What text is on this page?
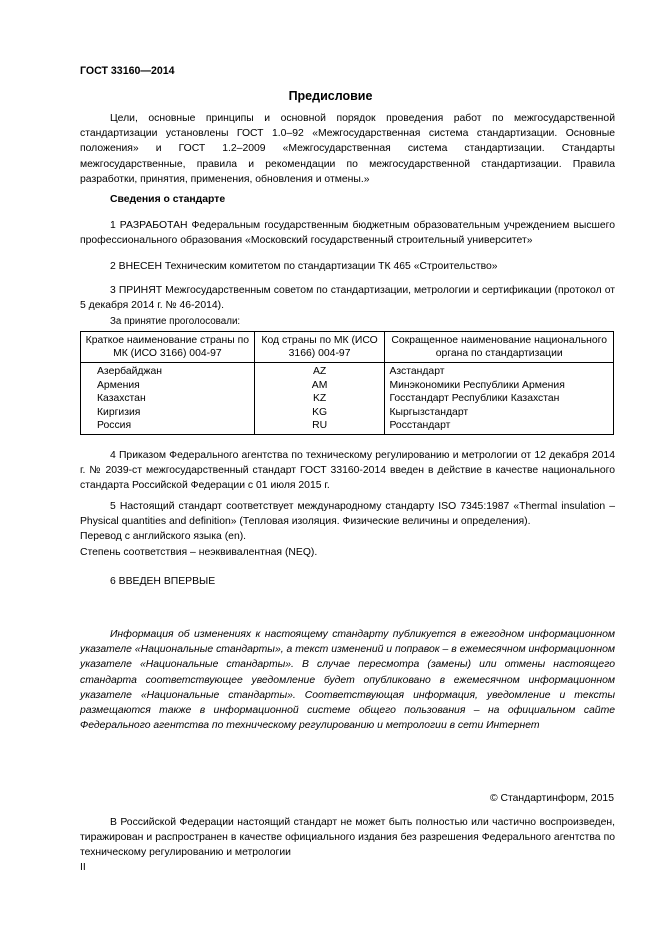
ГОСТ 33160—2014
Предисловие

Цели, основные принципы и основной порядок проведения работ по межгосударственной стандартизации установлены ГОСТ 1.0–92 «Межгосударственная система стандартизации. Основные положения» и ГОСТ 1.2–2009 «Межгосударственная система стандартизации. Стандарты межгосударственные, правила и рекомендации по межгосударственной стандартизации. Правила разработки, принятия, применения, обновления и отмены.»

Сведения о стандарте

1 РАЗРАБОТАН Федеральным государственным бюджетным образовательным учреждением высшего профессионального образования «Московский государственный строительный университет»

2 ВНЕСЕН Техническим комитетом по стандартизации ТК 465 «Строительство»

3 ПРИНЯТ Межгосударственным советом по стандартизации, метрологии и сертификации (протокол от 5 декабря 2014 г. № 46-2014).

За принятие проголосовали:
Краткое наименование страны по МК (ИСО 3166) 004-97	Код страны по МК (ИСО 3166) 004-97	Сокращенное наименование национального органа по стандартизации
Азербайджан	AZ	Азстандарт
Армения	AM	Минэкономики Республики Армения
Казахстан	KZ	Госстандарт Республики Казахстан
Киргизия	KG	Кыргызстандарт
Россия	RU	Росстандарт

4 Приказом Федерального агентства по техническому регулированию и метрологии от 12 декабря 2014 г. № 2039-ст межгосударственный стандарт ГОСТ 33160-2014 введен в действие в качестве национального стандарта Российской Федерации с 01 июля 2015 г.

5 Настоящий стандарт соответствует международному стандарту ISO 7345:1987 «Thermal insulation – Physical quantities and definition» (Тепловая изоляция. Физические величины и определения).

Перевод с английского языка (en).
Степень соответствия – неэквивалентная (NEQ).
6 ВВЕДЕН ВПЕРВЫЕ

Информация об изменениях к настоящему стандарту публикуется в ежегодном информационном указателе «Национальные стандарты», а текст изменений и поправок – в ежемесячном информационном указателе «Национальные стандарты». В случае пересмотра (замены) или отмены настоящего стандарта соответствующее уведомление будет опубликовано в ежемесячном информационном указателе «Национальные стандарты». Соответствующая информация, уведомление и тексты размещаются также в информационной системе общего пользования – на официальном сайте Федерального агентства по техническому регулированию и метрологии в сети Интернет

© Стандартинформ, 2015

В Российской Федерации настоящий стандарт не может быть полностью или частично воспроизведен, тиражирован и распространен в качестве официального издания без разрешения Федерального агентства по техническому регулированию и метрологии

II
